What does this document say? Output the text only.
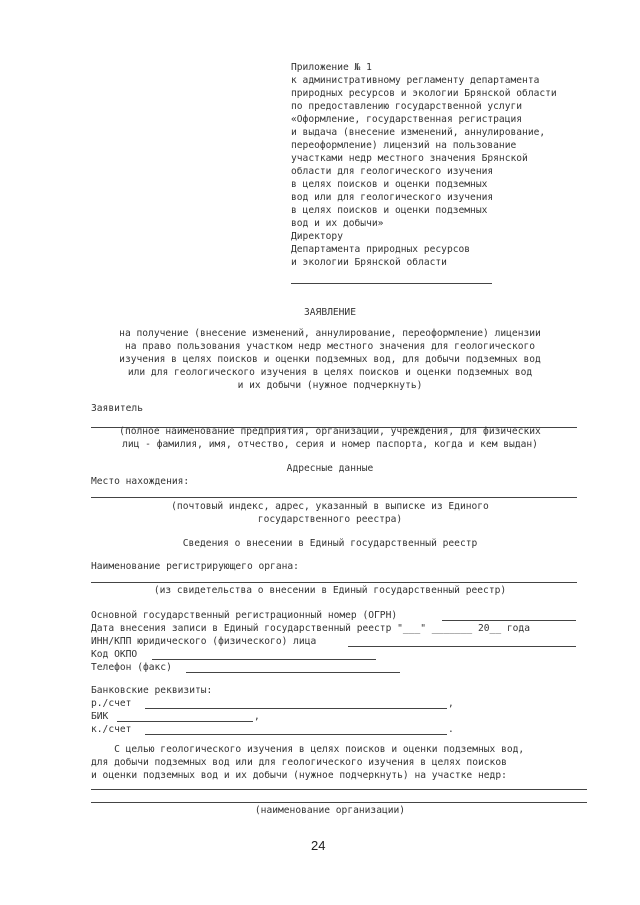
Приложение № 1
к административному регламенту департамента
природных ресурсов и экологии Брянской области
по предоставлению государственной услуги
«Оформление, государственная регистрация
и выдача (внесение изменений, аннулирование,
переоформление) лицензий на пользование
участками недр местного значения Брянской
области для геологического изучения
в целях поисков и оценки подземных
вод или для геологического изучения
в целях поисков и оценки подземных
вод и их добычи»
Директору
Департамента природных ресурсов
и экологии Брянской области
ЗАЯВЛЕНИЕ
на получение (внесение изменений, аннулирование, переоформление) лицензии
на право пользования участком недр местного значения для геологического
изучения в целях поисков и оценки подземных вод, для добычи подземных вод
или для геологического изучения в целях поисков и оценки подземных вод
и их добычи (нужное подчеркнуть)
Заявитель
(полное наименование предприятия, организации, учреждения, для физических
лиц - фамилия, имя, отчество, серия и номер паспорта, когда и кем выдан)
Адресные данные
Место нахождения:
(почтовый индекс, адрес, указанный в выписке из Единого
государственного реестра)
Сведения о внесении в Единый государственный реестр
Наименование регистрирующего органа:
(из свидетельства о внесении в Единый государственный реестр)
Основной государственный регистрационный номер (ОГРН)
Дата внесения записи в Единый государственный реестр "___" _______ 20__ года
ИНН/КПП юридического (физического) лица
Код ОКПО
Телефон (факс)
Банковские реквизиты:
р./счет	,
БИК	,
к./счет	.
С целью геологического изучения в целях поисков и оценки подземных вод,
для добычи подземных вод или для геологического изучения в целях поисков
и оценки подземных вод и их добычи (нужное подчеркнуть) на участке недр:
(наименование организации)
24
